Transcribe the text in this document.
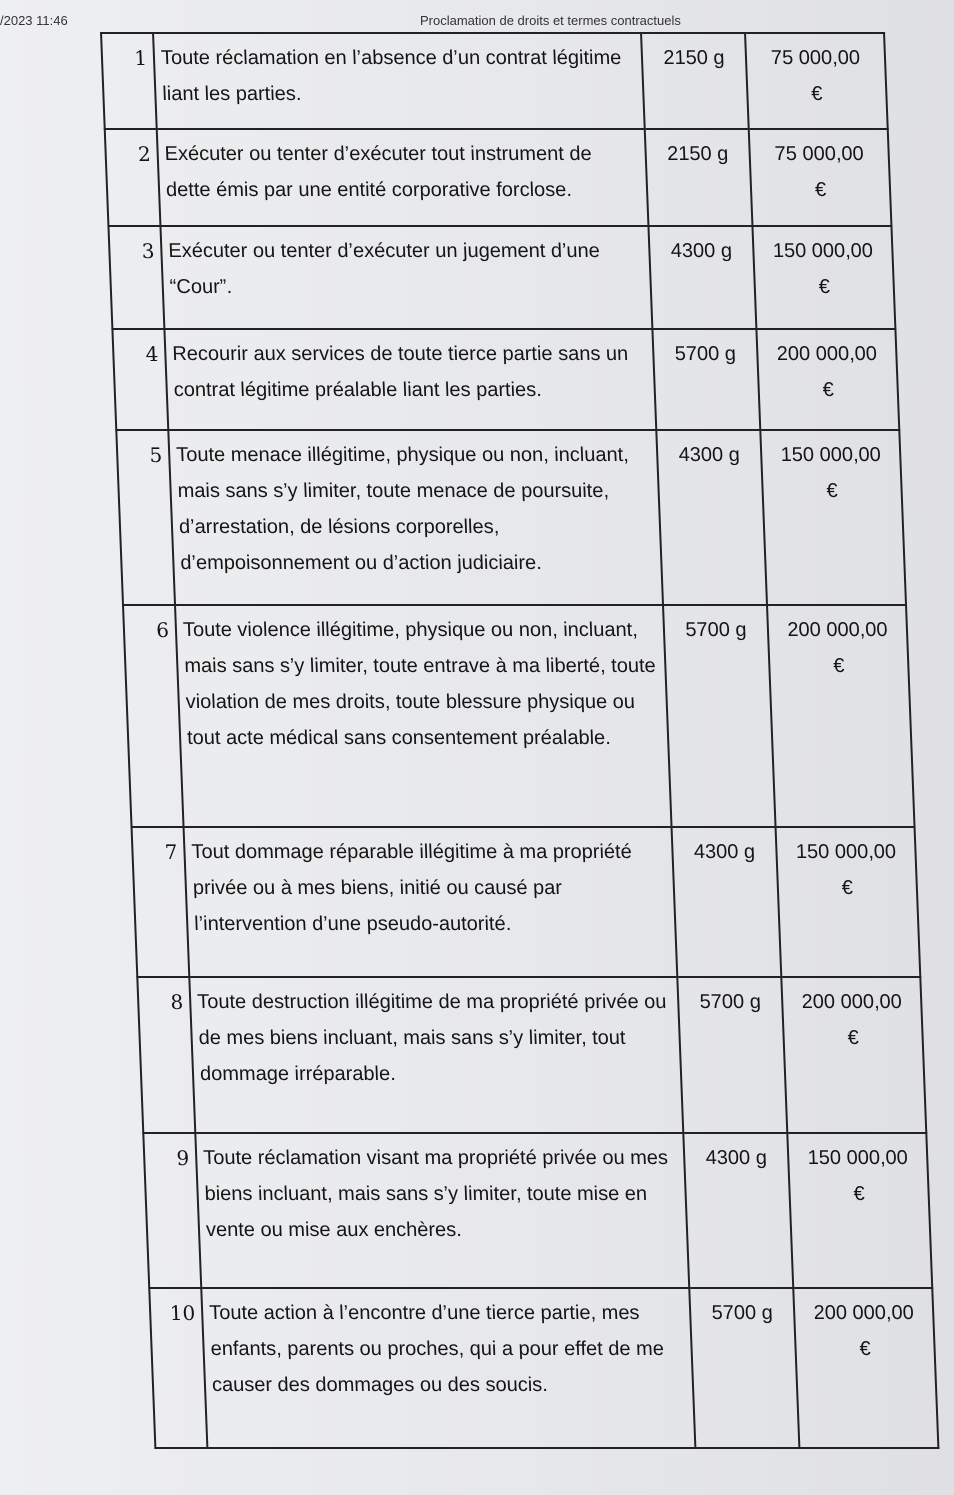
/2023 11:46	Proclamation de droits et termes contractuels
1	Toute réclamation en l’absence d’un contrat légitime liant les parties.	2150 g	75 000,00
€

2	Exécuter ou tenter d’exécuter tout instrument de dette émis par une entité corporative forclose.	2150 g	75 000,00
€

3	Exécuter ou tenter d’exécuter un jugement d’une “Cour”.	4300 g	150 000,00
€

4	Recourir aux services de toute tierce partie sans un contrat légitime préalable liant les parties.	5700 g	200 000,00
€

5	Toute menace illégitime, physique ou non, incluant, mais sans s’y limiter, toute menace de poursuite, d’arrestation, de lésions corporelles, d’empoisonnement ou d’action judiciaire.	4300 g	150 000,00
€

6	Toute violence illégitime, physique ou non, incluant, mais sans s’y limiter, toute entrave à ma liberté, toute violation de mes droits, toute blessure physique ou tout acte médical sans consentement préalable.	5700 g	200 000,00
€

7	Tout dommage réparable illégitime à ma propriété privée ou à mes biens, initié ou causé par l’intervention d’une pseudo-autorité.	4300 g	150 000,00
€

8	Toute destruction illégitime de ma propriété privée ou de mes biens incluant, mais sans s’y limiter, tout dommage irréparable.	5700 g	200 000,00
€

9	Toute réclamation visant ma propriété privée ou mes biens incluant, mais sans s’y limiter, toute mise en vente ou mise aux enchères.	4300 g	150 000,00
€

10	Toute action à l’encontre d’une tierce partie, mes enfants, parents ou proches, qui a pour effet de me causer des dommages ou des soucis.	5700 g	200 000,00
€
